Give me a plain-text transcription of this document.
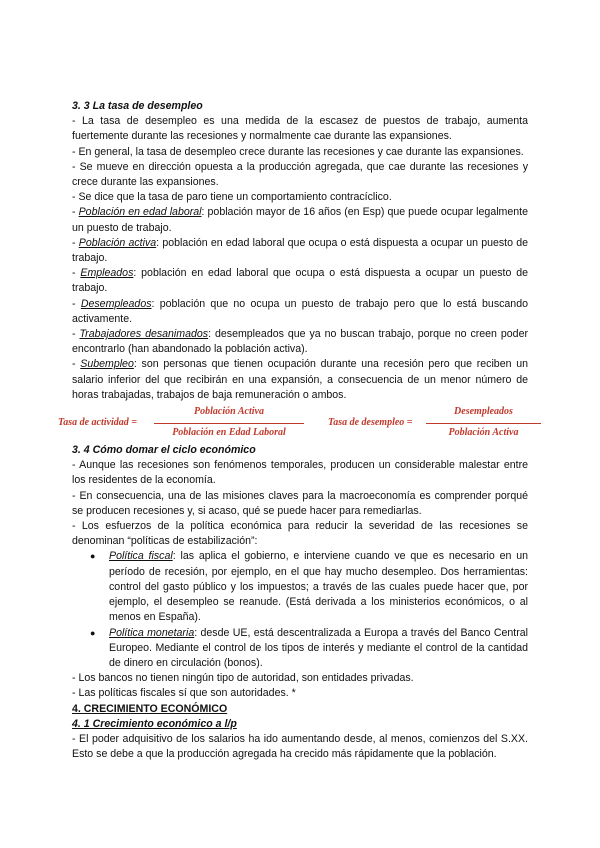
3. 3 La tasa de desempleo

- La tasa de desempleo es una medida de la escasez de puestos de trabajo, aumenta fuertemente durante las recesiones y normalmente cae durante las expansiones.

- En general, la tasa de desempleo crece durante las recesiones y cae durante las expansiones.

- Se mueve en dirección opuesta a la producción agregada, que cae durante las recesiones y crece durante las expansiones.

- Se dice que la tasa de paro tiene un comportamiento contracíclico.

- Población en edad laboral: población mayor de 16 años (en Esp) que puede ocupar legalmente un puesto de trabajo.

- Población activa: población en edad laboral que ocupa o está dispuesta a ocupar un puesto de trabajo.

- Empleados: población en edad laboral que ocupa o está dispuesta a ocupar un puesto de trabajo.

- Desempleados: población que no ocupa un puesto de trabajo pero que lo está buscando activamente.

- Trabajadores desanimados: desempleados que ya no buscan trabajo, porque no creen poder encontrarlo (han abandonado la población activa).

- Subempleo: son personas que tienen ocupación durante una recesión pero que reciben un salario inferior del que recibirán en una expansión, a consecuencia de un menor número de horas trabajadas, trabajos de baja remuneración o ambos.

Tasa de actividad =
Población Activa
Población en Edad Laboral
Tasa de desempleo =
Desempleados
Población Activa

3. 4 Cómo domar el ciclo económico

- Aunque las recesiones son fenómenos temporales, producen un considerable malestar entre los residentes de la economía.

- En consecuencia, una de las misiones claves para la macroeconomía es comprender porqué se producen recesiones y, si acaso, qué se puede hacer para remediarlas.

- Los esfuerzos de la política económica para reducir la severidad de las recesiones se denominan “políticas de estabilización”:

● Política fiscal: las aplica el gobierno, e interviene cuando ve que es necesario en un período de recesión, por ejemplo, en el que hay mucho desempleo. Dos herramientas: control del gasto público y los impuestos; a través de las cuales puede hacer que, por ejemplo, el desempleo se reanude. (Está derivada a los ministerios económicos, o al menos en España).

● Política monetaria: desde UE, está descentralizada a Europa a través del Banco Central Europeo. Mediante el control de los tipos de interés y mediante el control de la cantidad de dinero en circulación (bonos).

- Los bancos no tienen ningún tipo de autoridad, son entidades privadas.

- Las políticas fiscales sí que son autoridades. *

4. CRECIMIENTO ECONÓMICO

4. 1 Crecimiento económico a l/p

- El poder adquisitivo de los salarios ha ido aumentando desde, al menos, comienzos del S.XX. Esto se debe a que la producción agregada ha crecido más rápidamente que la población.
